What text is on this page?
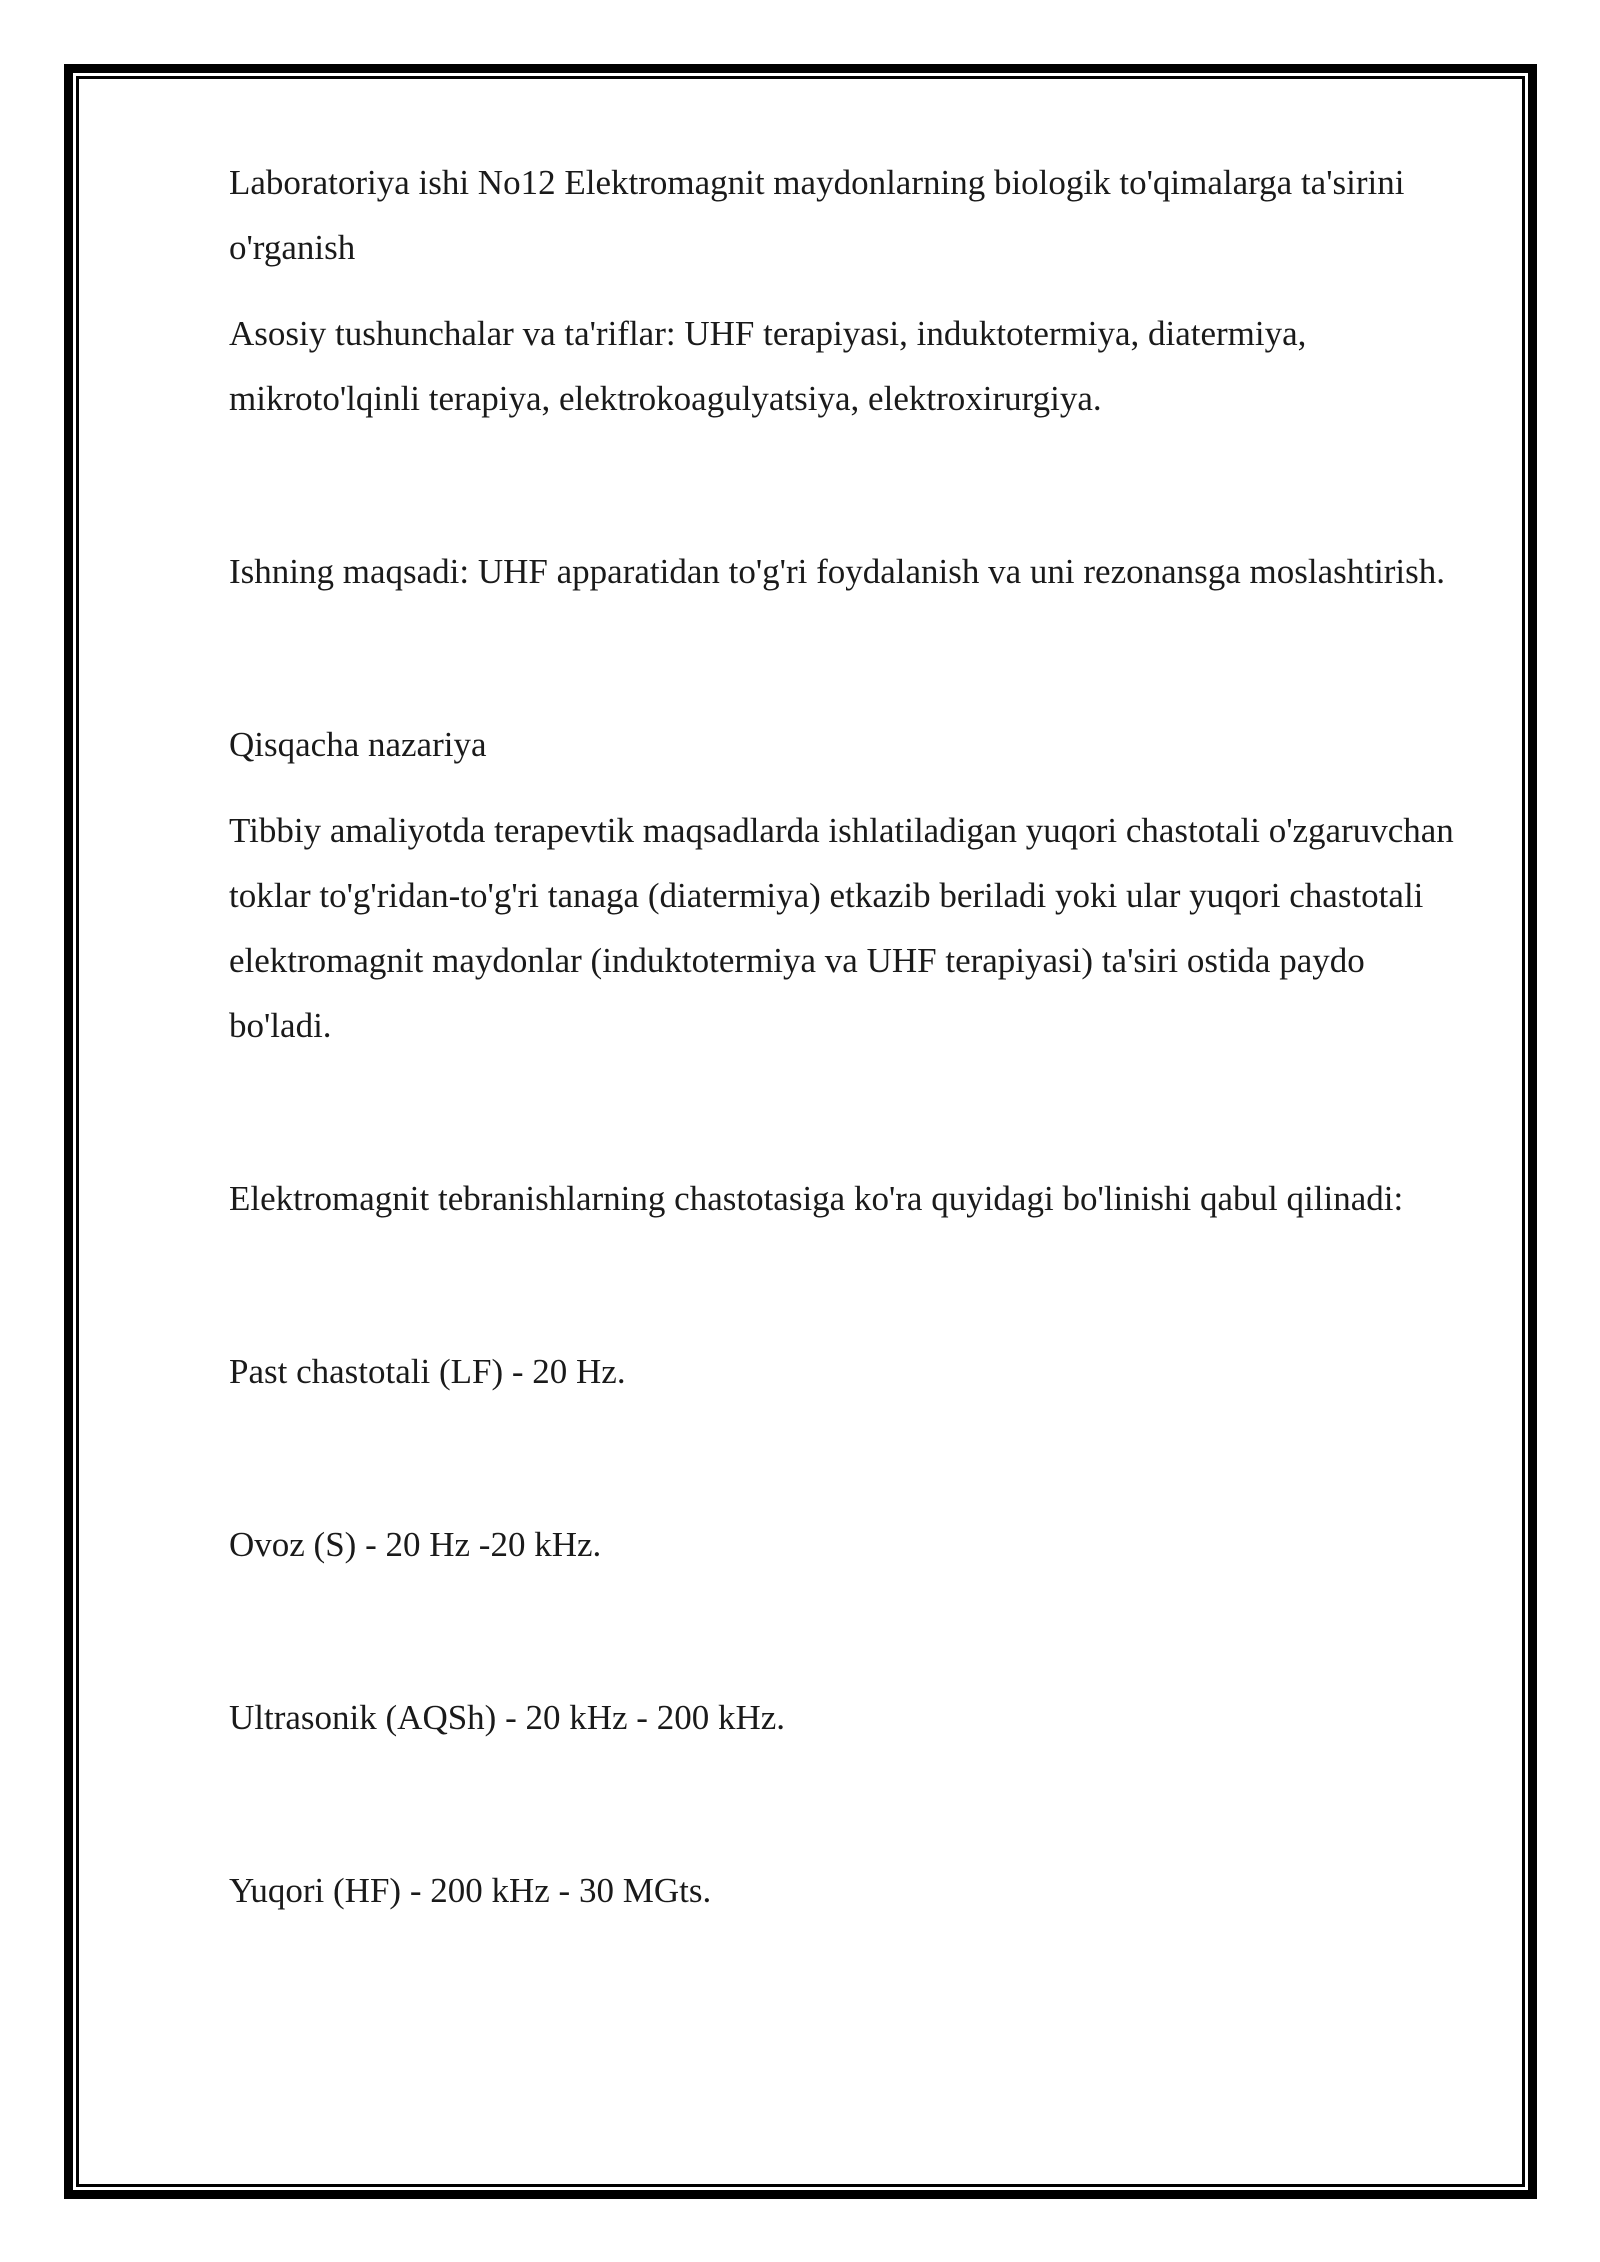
Laboratoriya ishi No12 Elektromagnit maydonlarning biologik to'qimalarga ta'sirini o'rganish

Asosiy tushunchalar va ta'riflar: UHF terapiyasi, induktotermiya, diatermiya, mikroto'lqinli terapiya, elektrokoagulyatsiya, elektroxirurgiya.

Ishning maqsadi: UHF apparatidan to'g'ri foydalanish va uni rezonansga moslashtirish.

Qisqacha nazariya

Tibbiy amaliyotda terapevtik maqsadlarda ishlatiladigan yuqori chastotali o'zgaruvchan toklar to'g'ridan-to'g'ri tanaga (diatermiya) etkazib beriladi yoki ular yuqori chastotali elektromagnit maydonlar (induktotermiya va UHF terapiyasi) ta'siri ostida paydo bo'ladi.

Elektromagnit tebranishlarning chastotasiga ko'ra quyidagi bo'linishi qabul qilinadi:

Past chastotali (LF) - 20 Hz.

Ovoz (S) - 20 Hz -20 kHz.

Ultrasonik (AQSh) - 20 kHz - 200 kHz.

Yuqori (HF) - 200 kHz - 30 MGts.
